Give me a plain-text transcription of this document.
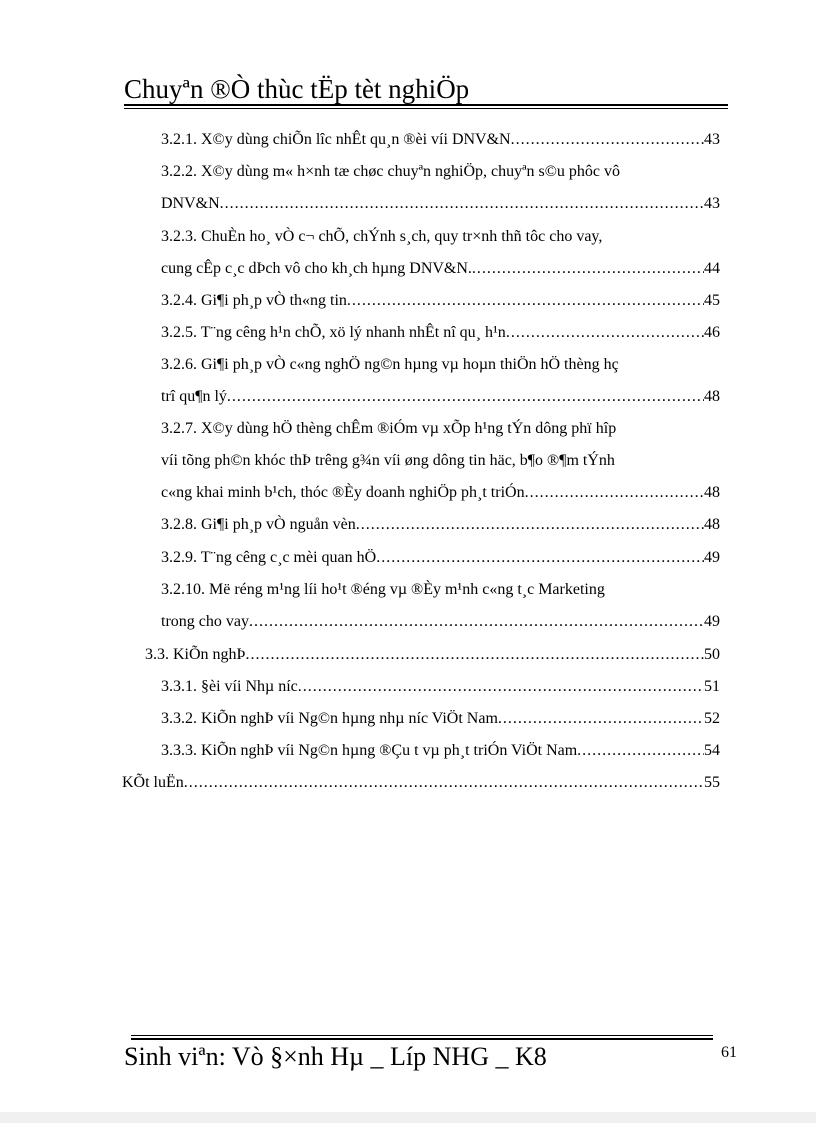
Chuyªn ®Ò thùc tËp tèt nghiÖp
3.2.1. X©y dùng chiÕn lîc nhÊt qu¸n ®èi víi DNV&N .....	43
3.2.2. X©y dùng m« h×nh tæ chøc chuyªn nghiÖp, chuyªn s©u phôc vô
DNV&N .....	43
3.2.3. ChuÈn ho¸ vÒ c¬ chÕ, chÝnh s¸ch, quy tr×nh thñ tôc cho vay,
cung cÊp c¸c dÞch vô cho kh¸ch hµng DNV&N. .....	44
3.2.4. Gi¶i ph¸p vÒ th«ng tin .....	45
3.2.5. T¨ng cêng h¹n chÕ, xö lý nhanh nhÊt nî qu¸ h¹n .....	46
3.2.6. Gi¶i ph¸p vÒ c«ng nghÖ ng©n hµng vµ hoµn thiÖn hÖ thèng hç
trî qu¶n lý .....	48
3.2.7. X©y dùng hÖ thèng chÊm ®iÓm vµ xÕp h¹ng tÝn dông phï hîp
víi tõng ph©n khóc thÞ trêng g¾n víi øng dông tin häc, b¶o ®¶m tÝnh
c«ng khai minh b¹ch, thóc ®Èy doanh nghiÖp ph¸t triÓn .....	48
3.2.8. Gi¶i ph¸p vÒ nguån vèn .....	48
3.2.9. T¨ng cêng c¸c mèi quan hÖ .....	49
3.2.10. Më réng m¹ng líi ho¹t ®éng vµ ®Èy m¹nh c«ng t¸c Marketing
trong cho vay .....	49
3.3. KiÕn nghÞ .....	50
3.3.1. §èi víi Nhµ níc .....	51
3.3.2. KiÕn nghÞ víi Ng©n hµng nhµ níc ViÖt Nam .....	52
3.3.3. KiÕn nghÞ víi Ng©n hµng ®Çu t vµ ph¸t triÓn ViÖt Nam .....	54
KÕt luËn .....	55
Sinh viªn: Vò §×nh Hµ _ Líp NHG _ K8	61
